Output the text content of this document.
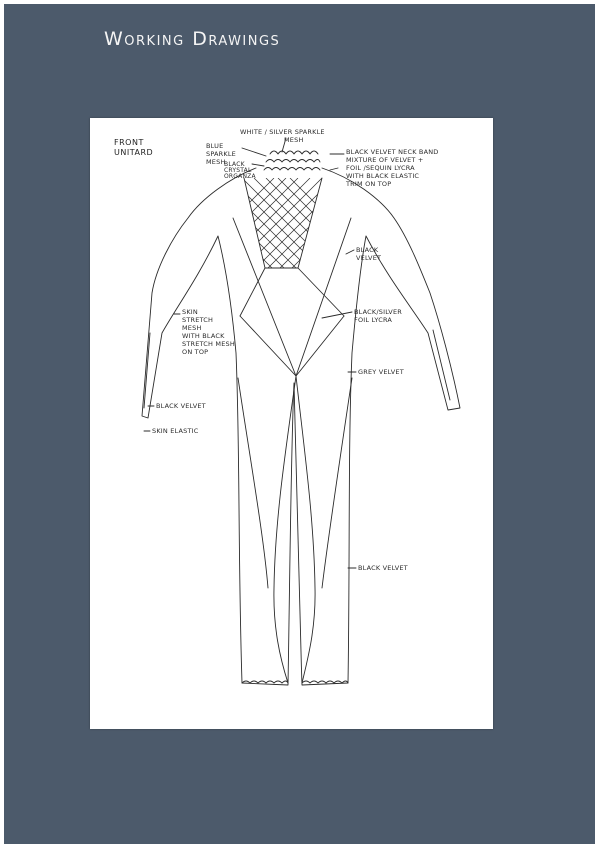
Working Drawings
FRONT
UNITARD
WHITE / SILVER SPARKLE
MESH
BLUE
SPARKLE
MESH
BLACK
CRYSTAL
ORGANZA
BLACK VELVET NECK BAND
MIXTURE OF VELVET +
FOIL /SEQUIN LYCRA
WITH BLACK ELASTIC
TRIM ON TOP
BLACK
VELVET
SKIN
STRETCH
MESH
WITH BLACK
STRETCH MESH
ON TOP
BLACK/SILVER
FOIL LYCRA
GREY VELVET
BLACK VELVET
SKIN ELASTIC
BLACK VELVET
